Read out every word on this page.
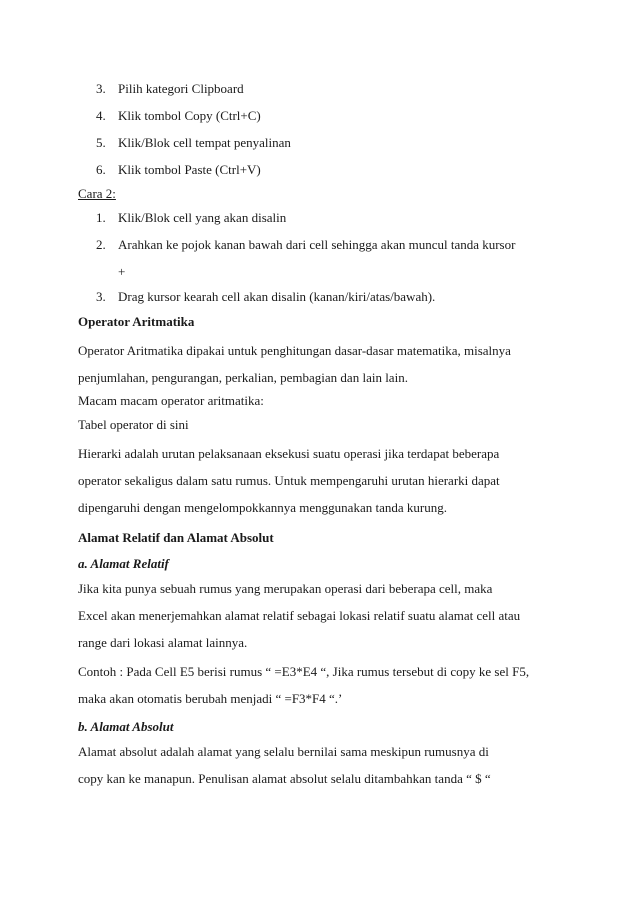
3. Pilih kategori Clipboard
4. Klik tombol Copy (Ctrl+C)
5. Klik/Blok cell tempat penyalinan
6. Klik tombol Paste (Ctrl+V)
Cara 2:
1. Klik/Blok cell yang akan disalin
2. Arahkan ke pojok kanan bawah dari cell sehingga akan muncul tanda kursor
+
3. Drag kursor kearah cell akan disalin (kanan/kiri/atas/bawah).
Operator Aritmatika
Operator Aritmatika dipakai untuk penghitungan dasar-dasar matematika, misalnya
penjumlahan, pengurangan, perkalian, pembagian dan lain lain.
Macam macam operator aritmatika:
Tabel operator di sini
Hierarki adalah urutan pelaksanaan eksekusi suatu operasi jika terdapat beberapa
operator sekaligus dalam satu rumus. Untuk mempengaruhi urutan hierarki dapat
dipengaruhi dengan mengelompokkannya menggunakan tanda kurung.
Alamat Relatif dan Alamat Absolut
a. Alamat Relatif
Jika kita punya sebuah rumus yang merupakan operasi dari beberapa cell, maka
Excel akan menerjemahkan alamat relatif sebagai lokasi relatif suatu alamat cell atau
range dari lokasi alamat lainnya.
Contoh : Pada Cell E5 berisi rumus “ =E3*E4 “, Jika rumus tersebut di copy ke sel F5,
maka akan otomatis berubah menjadi “ =F3*F4 “.’
b. Alamat Absolut
Alamat absolut adalah alamat yang selalu bernilai sama meskipun rumusnya di
copy kan ke manapun. Penulisan alamat absolut selalu ditambahkan tanda “ $ “
